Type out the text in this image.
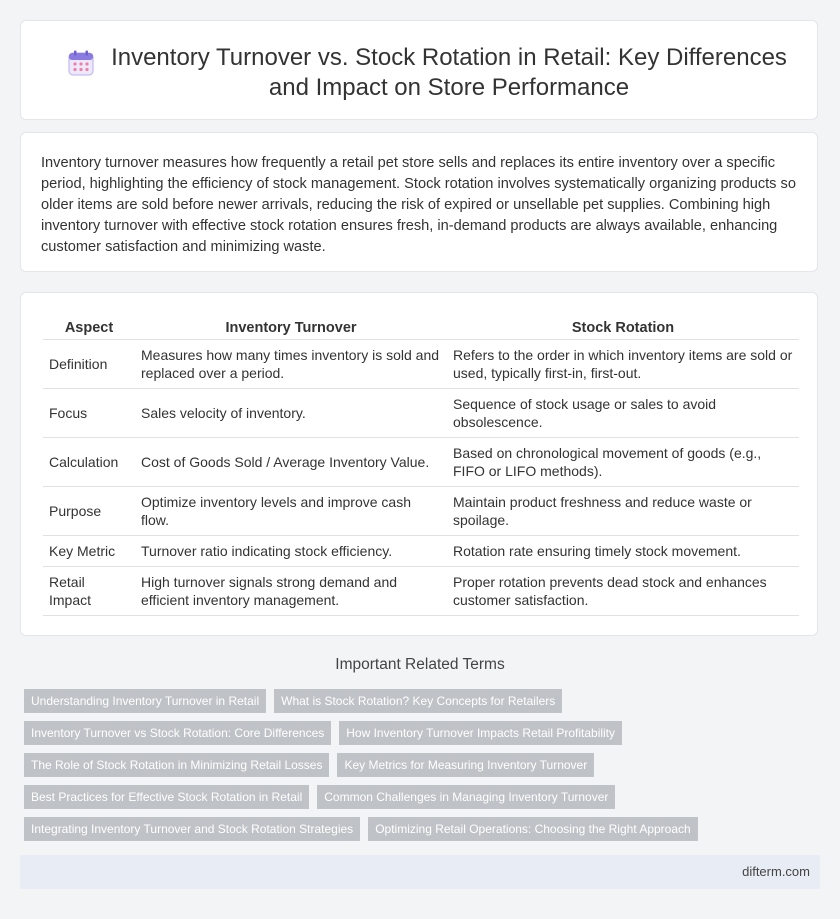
Inventory Turnover vs. Stock Rotation in Retail: Key Differences and Impact on Store Performance
Inventory turnover measures how frequently a retail pet store sells and replaces its entire inventory over a specific period, highlighting the efficiency of stock management. Stock rotation involves systematically organizing products so older items are sold before newer arrivals, reducing the risk of expired or unsellable pet supplies. Combining high inventory turnover with effective stock rotation ensures fresh, in-demand products are always available, enhancing customer satisfaction and minimizing waste.
Aspect	Inventory Turnover	Stock Rotation
Definition	Measures how many times inventory is sold and replaced over a period.	Refers to the order in which inventory items are sold or used, typically first-in, first-out.
Focus	Sales velocity of inventory.	Sequence of stock usage or sales to avoid obsolescence.
Calculation	Cost of Goods Sold / Average Inventory Value.	Based on chronological movement of goods (e.g., FIFO or LIFO methods).
Purpose	Optimize inventory levels and improve cash flow.	Maintain product freshness and reduce waste or spoilage.
Key Metric	Turnover ratio indicating stock efficiency.	Rotation rate ensuring timely stock movement.
Retail Impact	High turnover signals strong demand and efficient inventory management.	Proper rotation prevents dead stock and enhances customer satisfaction.
Important Related Terms
Understanding Inventory Turnover in Retail	What is Stock Rotation? Key Concepts for Retailers
Inventory Turnover vs Stock Rotation: Core Differences	How Inventory Turnover Impacts Retail Profitability
The Role of Stock Rotation in Minimizing Retail Losses	Key Metrics for Measuring Inventory Turnover
Best Practices for Effective Stock Rotation in Retail	Common Challenges in Managing Inventory Turnover
Integrating Inventory Turnover and Stock Rotation Strategies	Optimizing Retail Operations: Choosing the Right Approach
difterm.com
